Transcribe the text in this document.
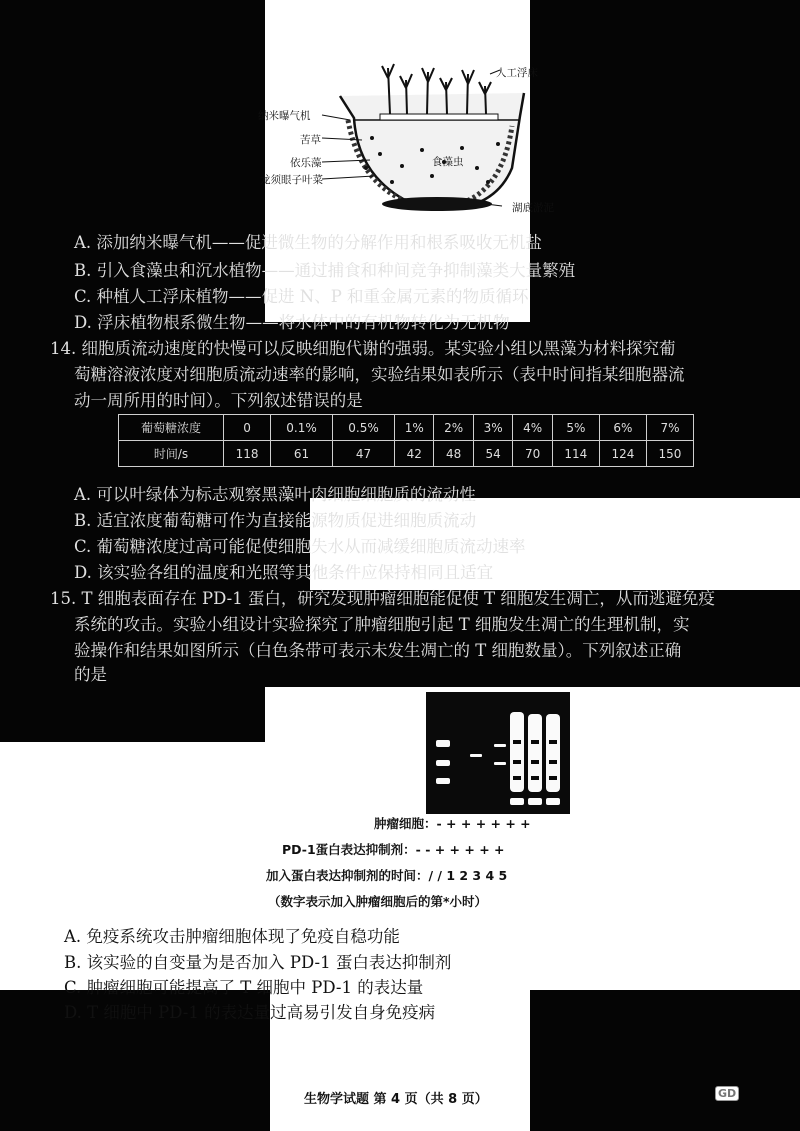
人工浮床
纳米曝气机
苦草
依乐藻	食藻虫
龙须眼子叶菜
湖底淤泥
A. 添加纳米曝气机——促进微生物的分解作用和根系吸收无机盐
B. 引入食藻虫和沉水植物——通过捕食和种间竞争抑制藻类大量繁殖
C. 种植人工浮床植物——促进 N、P 和重金属元素的物质循环
D. 浮床植物根系微生物——将水体中的有机物转化为无机物
14. 细胞质流动速度的快慢可以反映细胞代谢的强弱。某实验小组以黑藻为材料探究葡
萄糖溶液浓度对细胞质流动速率的影响，实验结果如表所示（表中时间指某细胞器流
动一周所用的时间）。下列叙述错误的是
葡萄糖浓度	0	0.1%	0.5%	1%	2%	3%	4%	5%	6%	7%
时间/s	118	61	47	42	48	54	70	114	124	150
A. 可以叶绿体为标志观察黑藻叶肉细胞细胞质的流动性
B. 适宜浓度葡萄糖可作为直接能源物质促进细胞质流动
C. 葡萄糖浓度过高可能促使细胞失水从而减缓细胞质流动速率
D. 该实验各组的温度和光照等其他条件应保持相同且适宜
15. T 细胞表面存在 PD-1 蛋白，研究发现肿瘤细胞能促使 T 细胞发生凋亡，从而逃避免疫
系统的攻击。实验小组设计实验探究了肿瘤细胞引起 T 细胞发生凋亡的生理机制，实
验操作和结果如图所示（白色条带可表示未发生凋亡的 T 细胞数量）。下列叙述正确
的是
肿瘤细胞：- + + + + + +
PD-1蛋白表达抑制剂：- - + + + + +
加入蛋白表达抑制剂的时间：/ / 1 2 3 4 5
（数字表示加入肿瘤细胞后的第*小时）
A. 免疫系统攻击肿瘤细胞体现了免疫自稳功能
B. 该实验的自变量为是否加入 PD-1 蛋白表达抑制剂
C. 肿瘤细胞可能提高了 T 细胞中 PD-1 的表达量
D. T 细胞中 PD-1 的表达量过高易引发自身免疫病
生物学试题 第 4 页（共 8 页）	GD
